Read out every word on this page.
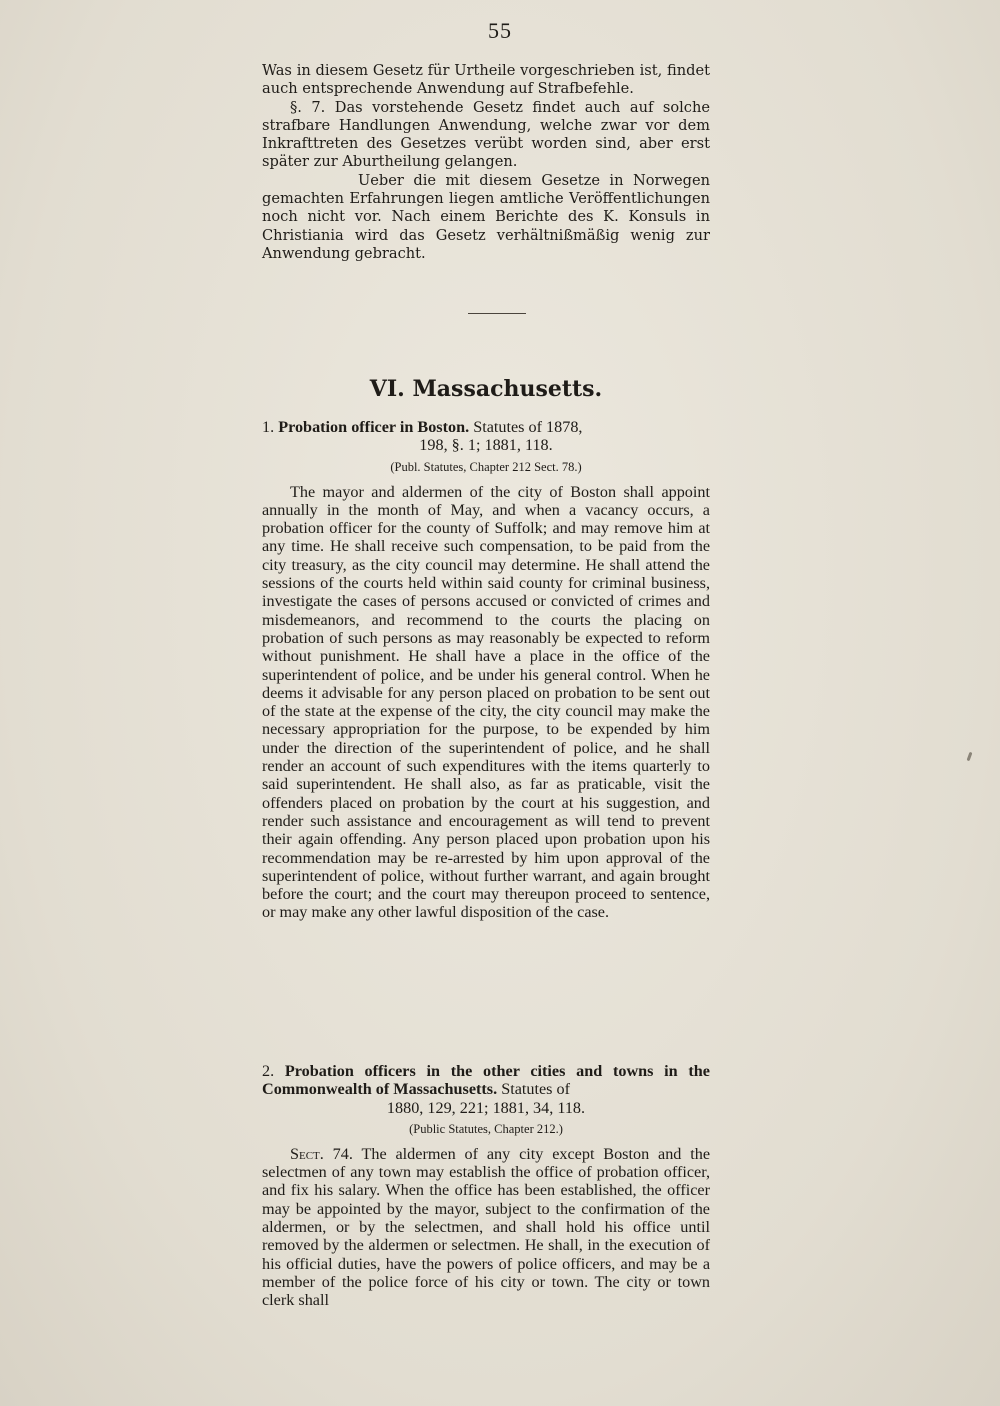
55

Was in diesem Gesetz für Urtheile vorgeschrieben ist, findet auch entsprechende Anwendung auf Strafbefehle.

§. 7. Das vorstehende Gesetz findet auch auf solche strafbare Handlungen Anwendung, welche zwar vor dem Inkrafttreten des Gesetzes verübt worden sind, aber erst später zur Aburtheilung gelangen.

Ueber die mit diesem Gesetze in Norwegen gemachten Erfahrungen liegen amtliche Veröffentlichungen noch nicht vor. Nach einem Berichte des K. Konsuls in Christiania wird das Gesetz verhältnißmäßig wenig zur Anwendung gebracht.

VI. Massachusetts.

1. Probation officer in Boston. Statutes of 1878,
198, §. 1; 1881, 118.

(Publ. Statutes, Chapter 212 Sect. 78.)

The mayor and aldermen of the city of Boston shall appoint annually in the month of May, and when a vacancy occurs, a probation officer for the county of Suffolk; and may remove him at any time. He shall receive such compensation, to be paid from the city treasury, as the city council may determine. He shall attend the sessions of the courts held within said county for criminal business, investigate the cases of persons accused or convicted of crimes and misdemeanors, and recommend to the courts the placing on probation of such persons as may reasonably be expected to reform without punishment. He shall have a place in the office of the superintendent of police, and be under his general control. When he deems it advisable for any person placed on probation to be sent out of the state at the expense of the city, the city council may make the necessary appropriation for the purpose, to be expended by him under the direction of the superintendent of police, and he shall render an account of such expenditures with the items quarterly to said superintendent. He shall also, as far as praticable, visit the offenders placed on probation by the court at his suggestion, and render such assistance and encouragement as will tend to prevent their again offending. Any person placed upon probation upon his recommendation may be re-arrested by him upon approval of the superintendent of police, without further warrant, and again brought before the court; and the court may thereupon proceed to sentence, or may make any other lawful disposition of the case.

2. Probation officers in the other cities and towns in the Commonwealth of Massachusetts. Statutes of
1880, 129, 221; 1881, 34, 118.

(Public Statutes, Chapter 212.)

Sect. 74. The aldermen of any city except Boston and the selectmen of any town may establish the office of probation officer, and fix his salary. When the office has been established, the officer may be appointed by the mayor, subject to the confirmation of the aldermen, or by the selectmen, and shall hold his office until removed by the aldermen or selectmen. He shall, in the execution of his official duties, have the powers of police officers, and may be a member of the police force of his city or town. The city or town clerk shall
